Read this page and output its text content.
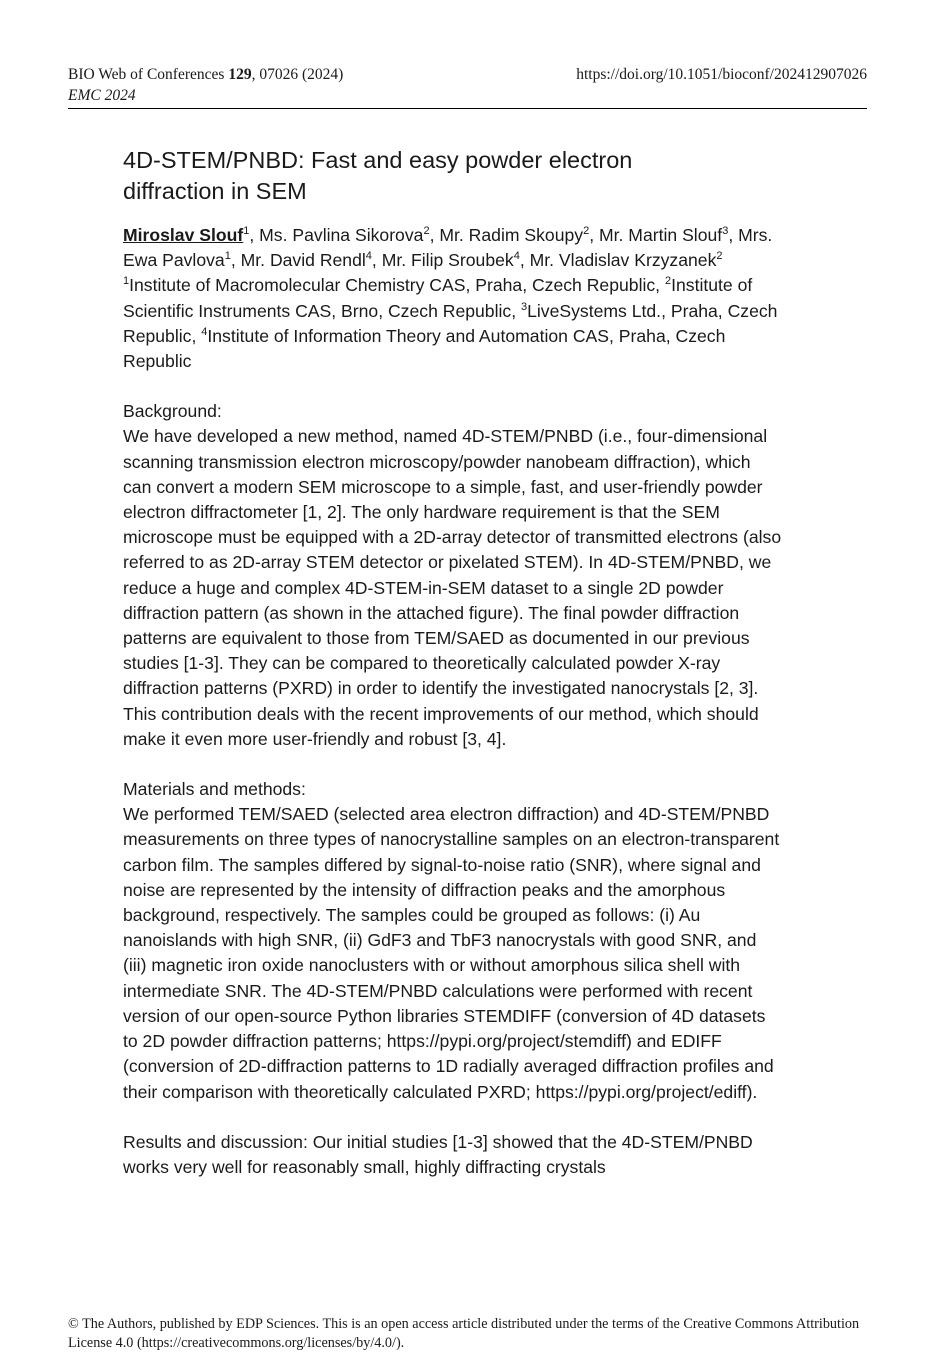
BIO Web of Conferences 129, 07026 (2024)	https://doi.org/10.1051/bioconf/202412907026
EMC 2024
4D-STEM/PNBD: Fast and easy powder electron diffraction in SEM

Miroslav Slouf$^1$, Ms. Pavlina Sikorova$^2$, Mr. Radim Skoupy$^2$, Mr. Martin Slouf$^3$, Mrs. Ewa Pavlova$^1$, Mr. David Rendl$^4$, Mr. Filip Sroubek$^4$, Mr. Vladislav Krzyzanek$^2$

$^1$Institute of Macromolecular Chemistry CAS, Praha, Czech Republic, $^2$Institute of Scientific Instruments CAS, Brno, Czech Republic, $^3$LiveSystems Ltd., Praha, Czech Republic, $^4$Institute of Information Theory and Automation CAS, Praha, Czech Republic

Background:

We have developed a new method, named 4D-STEM/PNBD (i.e., four-dimensional scanning transmission electron microscopy/powder nanobeam diffraction), which can convert a modern SEM microscope to a simple, fast, and user-friendly powder electron diffractometer [1, 2]. The only hardware requirement is that the SEM microscope must be equipped with a 2D-array detector of transmitted electrons (also referred to as 2D-array STEM detector or pixelated STEM). In 4D-STEM/PNBD, we reduce a huge and complex 4D-STEM-in-SEM dataset to a single 2D powder diffraction pattern (as shown in the attached figure). The final powder diffraction patterns are equivalent to those from TEM/SAED as documented in our previous studies [1-3]. They can be compared to theoretically calculated powder X-ray diffraction patterns (PXRD) in order to identify the investigated nanocrystals [2, 3]. This contribution deals with the recent improvements of our method, which should make it even more user-friendly and robust [3, 4].

Materials and methods:

We performed TEM/SAED (selected area electron diffraction) and 4D-STEM/PNBD measurements on three types of nanocrystalline samples on an electron-transparent carbon film. The samples differed by signal-to-noise ratio (SNR), where signal and noise are represented by the intensity of diffraction peaks and the amorphous background, respectively. The samples could be grouped as follows: (i) Au nanoislands with high SNR, (ii) GdF3 and TbF3 nanocrystals with good SNR, and (iii) magnetic iron oxide nanoclusters with or without amorphous silica shell with intermediate SNR. The 4D-STEM/PNBD calculations were performed with recent version of our open-source Python libraries STEMDIFF (conversion of 4D datasets to 2D powder diffraction patterns; https://pypi.org/project/stemdiff) and EDIFF (conversion of 2D-diffraction patterns to 1D radially averaged diffraction profiles and their comparison with theoretically calculated PXRD; https://pypi.org/project/ediff).

Results and discussion: Our initial studies [1-3] showed that the 4D-STEM/PNBD works very well for reasonably small, highly diffracting crystals

© The Authors, published by EDP Sciences. This is an open access article distributed under the terms of the Creative Commons Attribution License 4.0 (https://creativecommons.org/licenses/by/4.0/).
